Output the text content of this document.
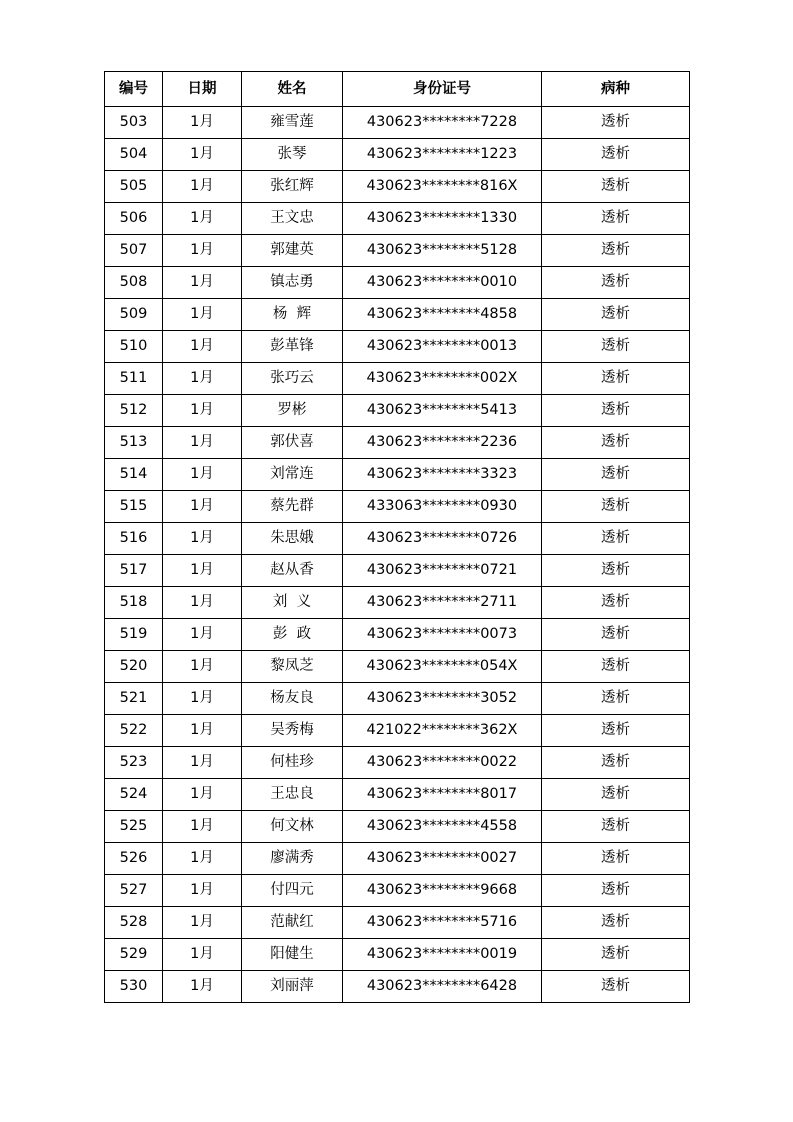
编号	日期	姓名	身份证号	病种
503	1月	雍雪莲	430623********7228	透析
504	1月	张琴	430623********1223	透析
505	1月	张红辉	430623********816X	透析
506	1月	王文忠	430623********1330	透析
507	1月	郭建英	430623********5128	透析
508	1月	镇志勇	430623********0010	透析
509	1月	杨  辉	430623********4858	透析
510	1月	彭革锋	430623********0013	透析
511	1月	张巧云	430623********002X	透析
512	1月	罗彬	430623********5413	透析
513	1月	郭伏喜	430623********2236	透析
514	1月	刘常连	430623********3323	透析
515	1月	蔡先群	433063********0930	透析
516	1月	朱思娥	430623********0726	透析
517	1月	赵从香	430623********0721	透析
518	1月	刘  义	430623********2711	透析
519	1月	彭  政	430623********0073	透析
520	1月	黎凤芝	430623********054X	透析
521	1月	杨友良	430623********3052	透析
522	1月	吴秀梅	421022********362X	透析
523	1月	何桂珍	430623********0022	透析
524	1月	王忠良	430623********8017	透析
525	1月	何文林	430623********4558	透析
526	1月	廖满秀	430623********0027	透析
527	1月	付四元	430623********9668	透析
528	1月	范献红	430623********5716	透析
529	1月	阳健生	430623********0019	透析
530	1月	刘丽萍	430623********6428	透析
